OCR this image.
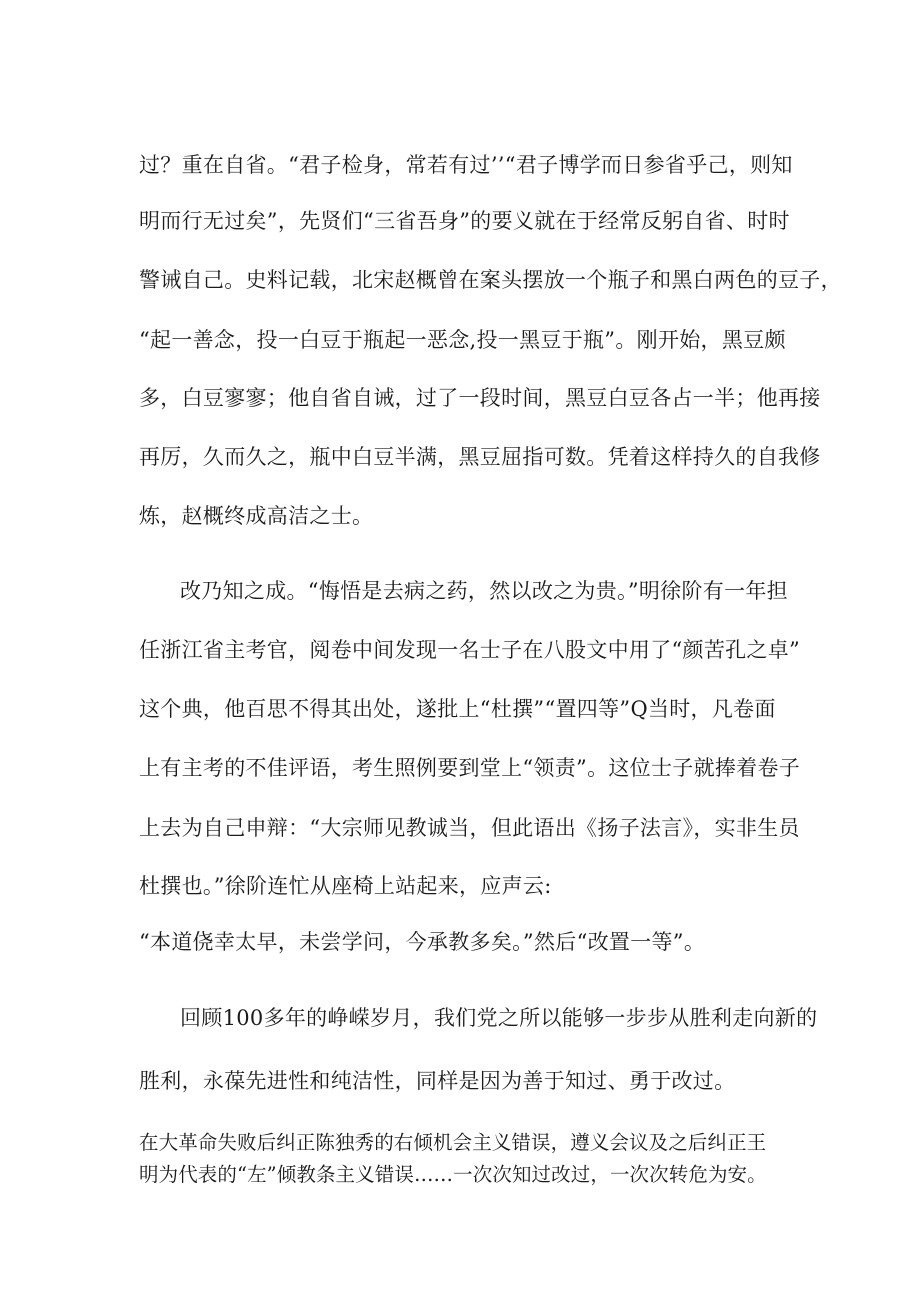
过？重在自省。“君子检身，常若有过’’“君子博学而日参省乎己，则知
明而行无过矣”，先贤们“三省吾身”的要义就在于经常反躬自省、时时
警诫自己。史料记载，北宋赵概曾在案头摆放一个瓶子和黑白两色的豆子，
“起一善念，投一白豆于瓶起一恶念,投一黑豆于瓶”。刚开始，黑豆颇
多，白豆寥寥；他自省自诫，过了一段时间，黑豆白豆各占一半；他再接
再厉，久而久之，瓶中白豆半满，黑豆屈指可数。凭着这样持久的自我修
炼，赵概终成高洁之士。
改乃知之成。“悔悟是去病之药，然以改之为贵。”明徐阶有一年担
任浙江省主考官，阅卷中间发现一名士子在八股文中用了“颜苦孔之卓”
这个典，他百思不得其出处，遂批上“杜撰”“置四等”Q当时，凡卷面
上有主考的不佳评语，考生照例要到堂上“领责”。这位士子就捧着卷子
上去为自己申辩：“大宗师见教诚当，但此语出《扬子法言》，实非生员
杜撰也。”徐阶连忙从座椅上站起来，应声云:
“本道侥幸太早，未尝学问，今承教多矣。”然后“改置一等”。
回顾100多年的峥嵘岁月，我们党之所以能够一步步从胜利走向新的
胜利，永葆先进性和纯洁性，同样是因为善于知过、勇于改过。
在大革命失败后纠正陈独秀的右倾机会主义错误，遵义会议及之后纠正王
明为代表的“左”倾教条主义错误……一次次知过改过，一次次转危为安。
